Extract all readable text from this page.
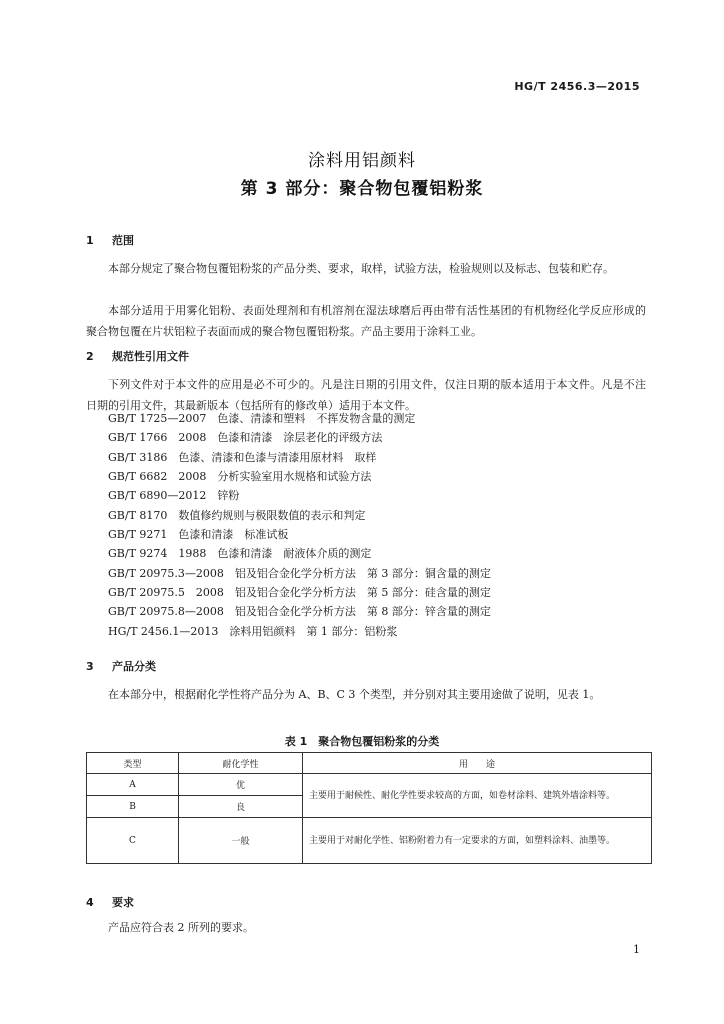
HG/T 2456.3—2015
涂料用铝颜料
第 3 部分：聚合物包覆铝粉浆
1 范围
本部分规定了聚合物包覆铝粉浆的产品分类、要求，取样，试验方法，检验规则以及标志、包装和贮存。
本部分适用于用雾化铝粉、表面处理剂和有机溶剂在湿法球磨后再由带有活性基团的有机物经化学反应形成的聚合物包覆在片状铝粒子表面而成的聚合物包覆铝粉浆。产品主要用于涂料工业。
2 规范性引用文件
下列文件对于本文件的应用是必不可少的。凡是注日期的引用文件，仅注日期的版本适用于本文件。凡是不注日期的引用文件，其最新版本（包括所有的修改单）适用于本文件。
GB/T 1725—2007　色漆、清漆和塑料　不挥发物含量的测定
GB/T 1766　2008　色漆和清漆　涂层老化的评级方法
GB/T 3186　色漆、清漆和色漆与清漆用原材料　取样
GB/T 6682　2008　分析实验室用水规格和试验方法
GB/T 6890—2012　锌粉
GB/T 8170　数值修约规则与极限数值的表示和判定
GB/T 9271　色漆和清漆　标准试板
GB/T 9274　1988　色漆和清漆　耐液体介质的测定
GB/T 20975.3—2008　铝及铝合金化学分析方法　第 3 部分：铜含量的测定
GB/T 20975.5　2008　铝及铝合金化学分析方法　第 5 部分：硅含量的测定
GB/T 20975.8—2008　铝及铝合金化学分析方法　第 8 部分：锌含量的测定
HG/T 2456.1—2013　涂料用铝颜料　第 1 部分：铝粉浆
3 产品分类
在本部分中，根据耐化学性将产品分为 A、B、C 3 个类型，并分别对其主要用途做了说明，见表 1。
表 1　聚合物包覆铝粉浆的分类
类型	耐化学性	用　　途
A	优	主要用于耐候性、耐化学性要求较高的方面，如卷材涂料、建筑外墙涂料等。
B	良	
C	一般	主要用于对耐化学性、铝粉附着力有一定要求的方面，如塑料涂料、油墨等。
4 要求
产品应符合表 2 所列的要求。
1
